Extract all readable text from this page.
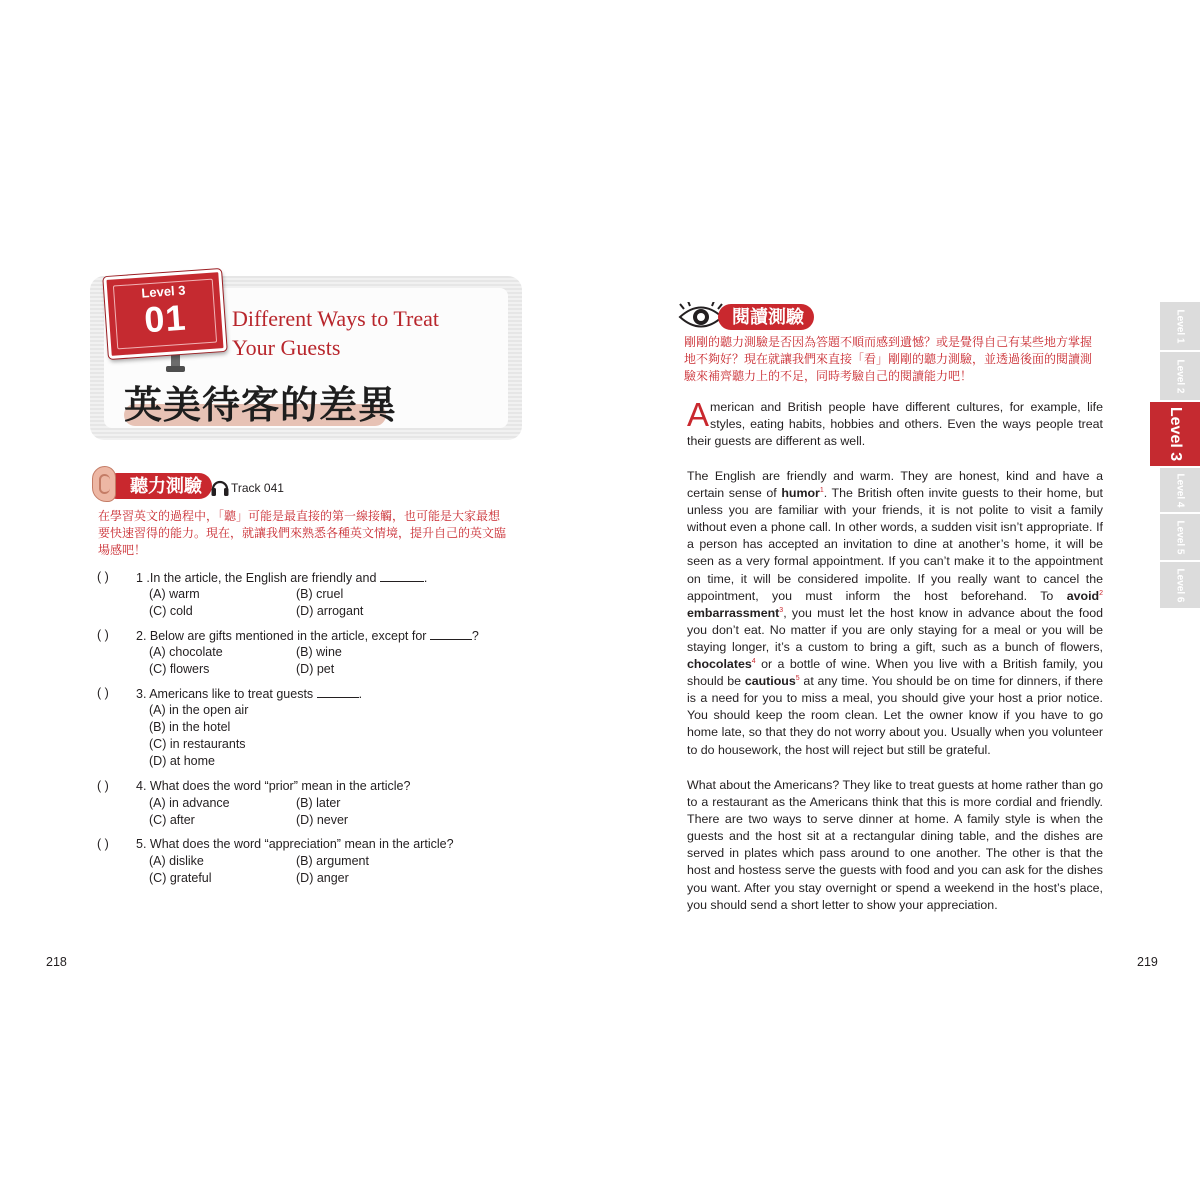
Level 3
01	Different Ways to Treat
Your Guests
英美待客的差異
聽力測驗	Track 041
在學習英文的過程中，「聽」可能是最直接的第一線接觸，也可能是大家最想
要快速習得的能力。現在，就讓我們來熟悉各種英文情境，提升自己的英文臨
場感吧！
( ) 1 .In the article, the English are friendly and	.
(A) warm	(B) cruel
(C) cold	(D) arrogant
( ) 2. Below are gifts mentioned in the article, except for	?
(A) chocolate	(B) wine
(C) flowers	(D) pet
( ) 3. Americans like to treat guests	.
(A) in the open air
(B) in the hotel
(C) in restaurants
(D) at home
( ) 4. What does the word “prior” mean in the article?
(A) in advance	(B) later
(C) after	(D) never
( ) 5. What does the word “appreciation” mean in the article?
(A) dislike	(B) argument
(C) grateful	(D) anger
218
閱讀測驗
剛剛的聽力測驗是否因為答題不順而感到遺憾？或是覺得自己有某些地方掌握
地不夠好？現在就讓我們來直接「看」剛剛的聽力測驗，並透過後面的閱讀測
驗來補齊聽力上的不足，同時考驗自己的閱讀能力吧！
American and British people have different cultures, for example, life styles, eating habits, hobbies and others. Even the ways people treat their guests are different as well.
The English are friendly and warm. They are honest, kind and have a certain sense of humor$^1$. The British often invite guests to their home, but unless you are familiar with your friends, it is not polite to visit a family without even a phone call. In other words, a sudden visit isn’t appropriate. If a person has accepted an invitation to dine at another’s home, it will be seen as a very formal appointment. If you can’t make it to the appointment on time, it will be considered impolite. If you really want to cancel the appointment, you must inform the host beforehand. To avoid$^2$ embarrassment$^3$, you must let the host know in advance about the food you don’t eat. No matter if you are only staying for a meal or you will be staying longer, it’s a custom to bring a gift, such as a bunch of flowers, chocolates$^4$ or a bottle of wine. When you live with a British family, you should be cautious$^5$ at any time. You should be on time for dinners, if there is a need for you to miss a meal, you should give your host a prior notice. You should keep the room clean. Let the owner know if you have to go home late, so that they do not worry about you. Usually when you volunteer to do housework, the host will reject but still be grateful.
What about the Americans? They like to treat guests at home rather than go to a restaurant as the Americans think that this is more cordial and friendly. There are two ways to serve dinner at home. A family style is when the guests and the host sit at a rectangular dining table, and the dishes are served in plates which pass around to one another. The other is that the host and hostess serve the guests with food and you can ask for the dishes you want. After you stay overnight or spend a weekend in the host’s place, you should send a short letter to show your appreciation.
219
Level 1
Level 2
Level 3
Level 4
Level 5
Level 6
